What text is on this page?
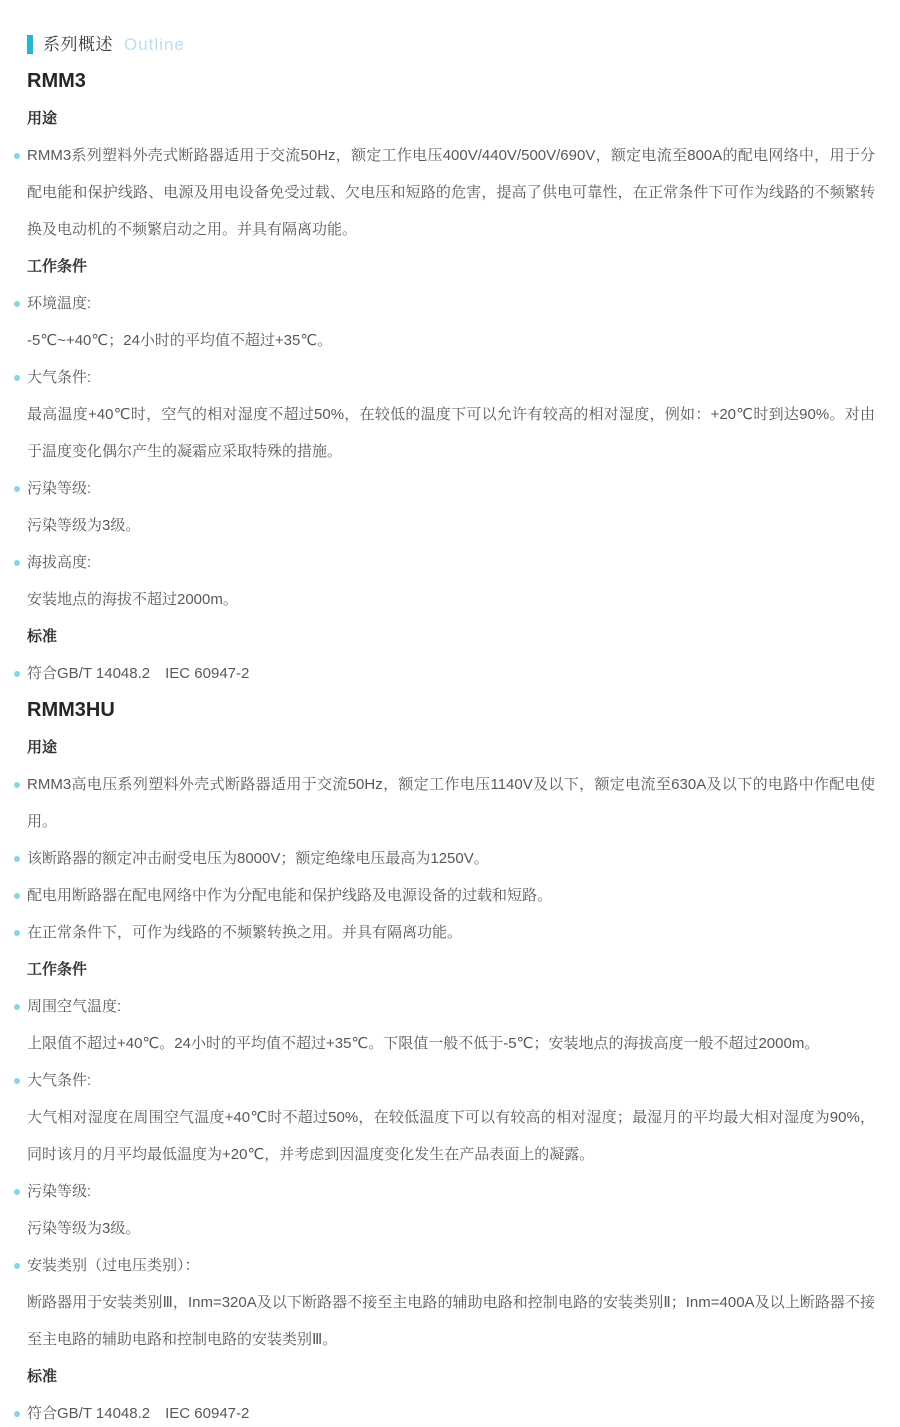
系列概述 Outline
RMM3
用途

RMM3系列塑料外壳式断路器适用于交流50Hz，额定工作电压400V/440V/500V/690V，额定电流至800A的配电网络中，用于分配电能和保护线路、电源及用电设备免受过载、欠电压和短路的危害，提高了供电可靠性，在正常条件下可作为线路的不频繁转换及电动机的不频繁启动之用。并具有隔离功能。

工作条件

环境温度:

-5℃~+40℃；24小时的平均值不超过+35℃。

大气条件:

最高温度+40℃时，空气的相对湿度不超过50%，在较低的温度下可以允许有较高的相对湿度，例如：+20℃时到达90%。对由于温度变化偶尔产生的凝霜应采取特殊的措施。

污染等级:

污染等级为3级。

海拔高度:

安装地点的海拔不超过2000m。

标准

符合GB/T 14048.2　IEC 60947-2

RMM3HU
用途

RMM3高电压系列塑料外壳式断路器适用于交流50Hz，额定工作电压1140V及以下，额定电流至630A及以下的电路中作配电使用。

该断路器的额定冲击耐受电压为8000V；额定绝缘电压最高为1250V。

配电用断路器在配电网络中作为分配电能和保护线路及电源设备的过载和短路。

在正常条件下，可作为线路的不频繁转换之用。并具有隔离功能。

工作条件

周围空气温度:

上限值不超过+40℃。24小时的平均值不超过+35℃。下限值一般不低于-5℃；安装地点的海拔高度一般不超过2000m。

大气条件:

大气相对湿度在周围空气温度+40℃时不超过50%，在较低温度下可以有较高的相对湿度；最湿月的平均最大相对湿度为90%，同时该月的月平均最低温度为+20℃，并考虑到因温度变化发生在产品表面上的凝露。

污染等级:

污染等级为3级。

安装类别（过电压类别）：

断路器用于安装类别Ⅲ，Inm=320A及以下断路器不接至主电路的辅助电路和控制电路的安装类别Ⅱ；Inm=400A及以上断路器不接至主电路的辅助电路和控制电路的安装类别Ⅲ。

标准

符合GB/T 14048.2　IEC 60947-2
